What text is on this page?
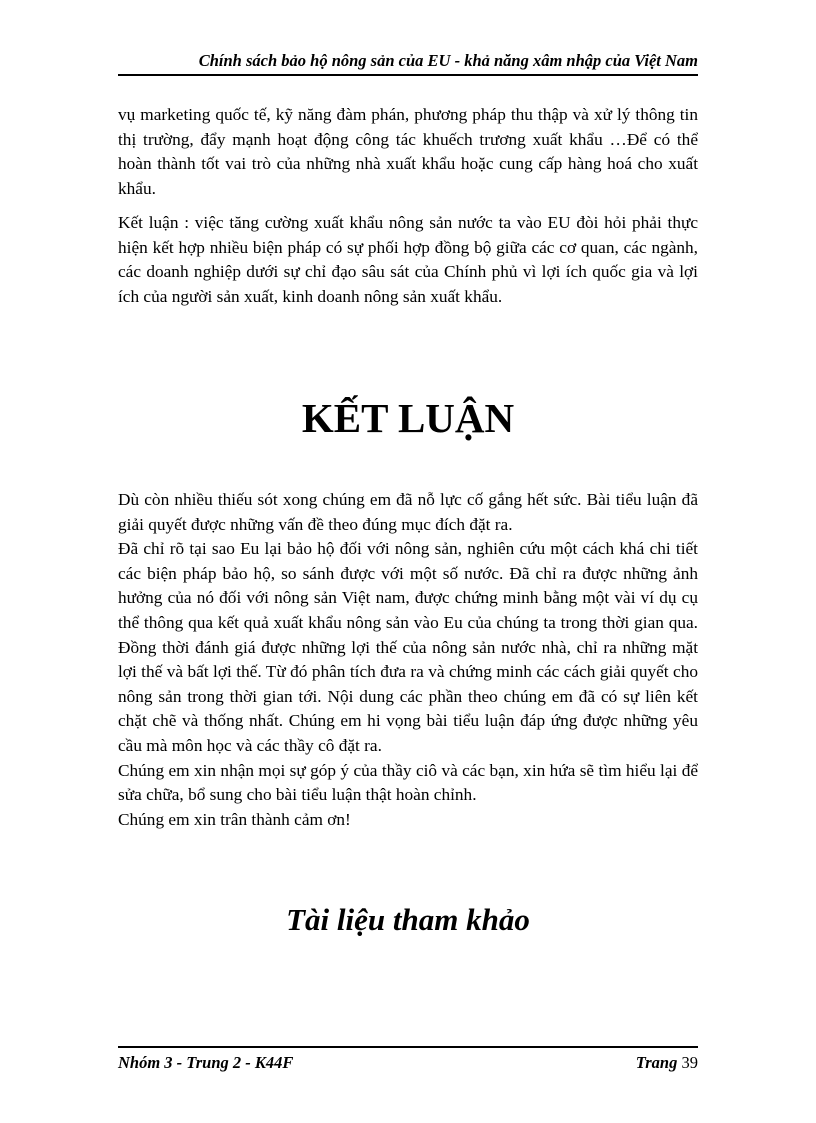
Chính sách bảo hộ nông sản của EU - khả năng xâm nhập của Việt Nam

vụ marketing quốc tế, kỹ năng đàm phán, phương pháp thu thập và xử lý thông tin thị trường, đẩy mạnh hoạt động công tác khuếch trương xuất khẩu …Để có thể hoàn thành tốt vai trò của những nhà xuất khẩu hoặc cung cấp hàng hoá cho xuất khẩu.

Kết luận : việc tăng cường xuất khẩu nông sản nước ta vào EU đòi hỏi phải thực hiện kết hợp nhiều biện pháp có sự phối hợp đồng bộ giữa các cơ quan, các ngành, các doanh nghiệp dưới sự chỉ đạo sâu sát của Chính phủ vì lợi ích quốc gia và lợi ích của người sản xuất, kinh doanh nông sản xuất khẩu.

KẾT LUẬN

Dù còn nhiều thiếu sót xong chúng em đã nỗ lực cố gắng hết sức. Bài tiểu luận đã giải quyết được những vấn đề theo đúng mục đích đặt ra.

Đã chỉ rõ tại sao Eu lại bảo hộ đối với nông sản, nghiên cứu một cách khá chi tiết các biện pháp bảo hộ, so sánh được với một số nước. Đã chỉ ra được những ảnh hưởng của nó đối với nông sản Việt nam, được chứng minh bằng một vài ví dụ cụ thể thông qua kết quả xuất khẩu nông sản vào Eu của chúng ta trong thời gian qua. Đồng thời đánh giá được những lợi thế của nông sản nước nhà, chỉ ra những mặt lợi thế và bất lợi thế. Từ đó phân tích đưa ra và chứng minh các cách giải quyết cho nông sản trong thời gian tới. Nội dung các phần theo chúng em đã có sự liên kết chặt chẽ và thống nhất. Chúng em hi vọng bài tiểu luận đáp ứng được những yêu cầu mà môn học và các thầy cô đặt ra.

Chúng em xin nhận mọi sự góp ý của thầy ciô và các bạn, xin hứa sẽ tìm hiểu lại để sửa chữa, bổ sung cho bài tiểu luận thật hoàn chỉnh.

Chúng em xin trân thành cảm ơn!

Tài liệu tham khảo
Nhóm 3 - Trung 2 - K44F	Trang 39
